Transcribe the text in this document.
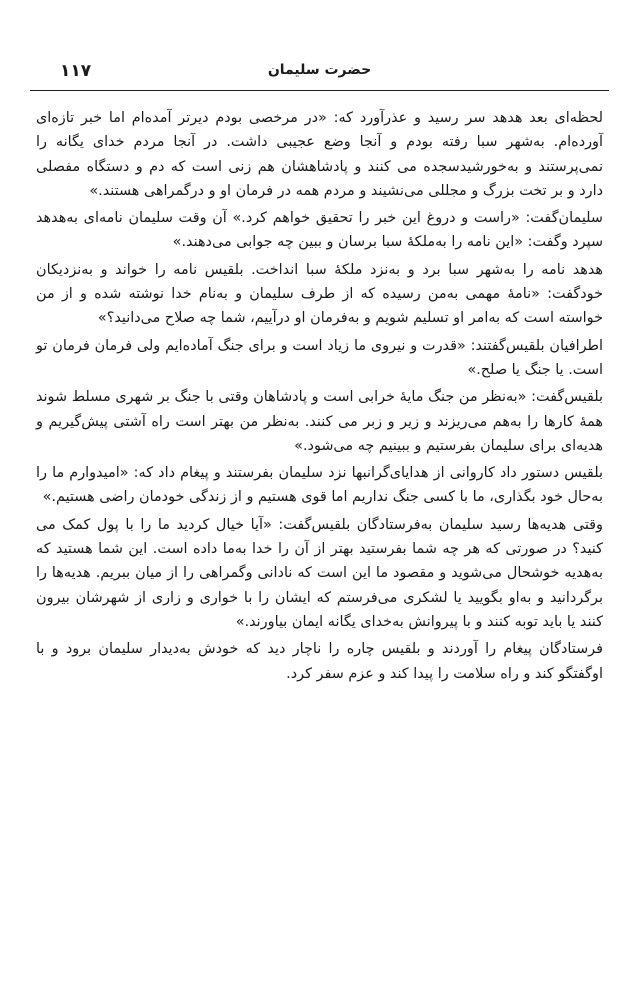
۱۱۷	حضرت سلیمان

لحظه‌ای بعد هدهد سر رسید و عذرآورد که: «در مرخصی بودم دیرتر آمده‌ام اما خبر تازه‌ای آورده‌ام. به‌شهر سبا رفته بودم و آنجا وضع عجیبی داشت. در آنجا مردم خدای یگانه را نمی‌پرستند و به‌خورشید‌سجده می کنند و پادشاهشان هم زنی است که دم و دستگاه مفصلی دارد و بر تخت بزرگ و مجللی می‌نشیند و مردم همه در فرمان او و درگمراهی هستند.»

سلیمان‌گفت: «راست و دروغ این خبر را تحقیق خواهم کرد.» آن وقت سلیمان نامه‌ای به‌هدهد سپرد وگفت: «این نامه را به‌ملکهٔ سبا برسان و ببین چه جوابی می‌دهند.»

هدهد نامه را به‌شهر سبا برد و به‌نزد ملکهٔ سبا انداخت. بلقیس نامه را خواند و به‌نزدیکان خودگفت: «نامهٔ مهمی به‌من رسیده که از طرف سلیمان و به‌نام خدا نوشته شده و از من خواسته است که به‌امر او تسلیم شویم و به‌فرمان او درآییم، شما چه صلاح می‌دانید؟»

اطرافیان بلقیس‌گفتند: «قدرت و نیروی ما زیاد است و برای جنگ آماده‌ایم ولی فرمان فرمان تو است. یا جنگ یا صلح.»

بلقیس‌گفت: «به‌نظر من جنگ مایهٔ خرابی است و پادشاهان وقتی با جنگ بر شهری مسلط شوند همهٔ کارها را به‌هم می‌ریزند و زیر و زبر می کنند. به‌نظر من بهتر است راه آشتی پیش‌گیریم و هدیه‌ای برای سلیمان بفرستیم و ببینیم چه می‌شود.»

بلقیس دستور داد کاروانی از هدایای‌گرانبها نزد سلیمان بفرستند و پیغام داد که: «امیدوارم ما را به‌حال خود بگذاری، ما با کسی جنگ نداریم اما قوی هستیم و از زندگی خودمان راضی هستیم.»

وقتی هدیه‌ها رسید سلیمان به‌فرستادگان بلقیس‌گفت: «آیا خیال کردید ما را با پول کمک می کنید؟ در صورتی که هر چه شما بفرستید بهتر از آن را خدا به‌ما داده است. این شما هستید که به‌هدیه خوشحال می‌شوید و مقصود ما این است که نادانی وگمراهی را از میان ببریم. هدیه‌ها را برگردانید و به‌او بگویید یا لشکری می‌فرستم که ایشان را با خواری و زاری از شهرشان بیرون کنند یا باید توبه کنند و با پیروانش به‌خدای یگانه ایمان بیاورند.»

فرستادگان پیغام را آوردند و بلقیس چاره را ناچار دید که خودش به‌دیدار سلیمان برود و با اوگفتگو کند و راه سلامت را پیدا کند و عزم سفر کرد.
